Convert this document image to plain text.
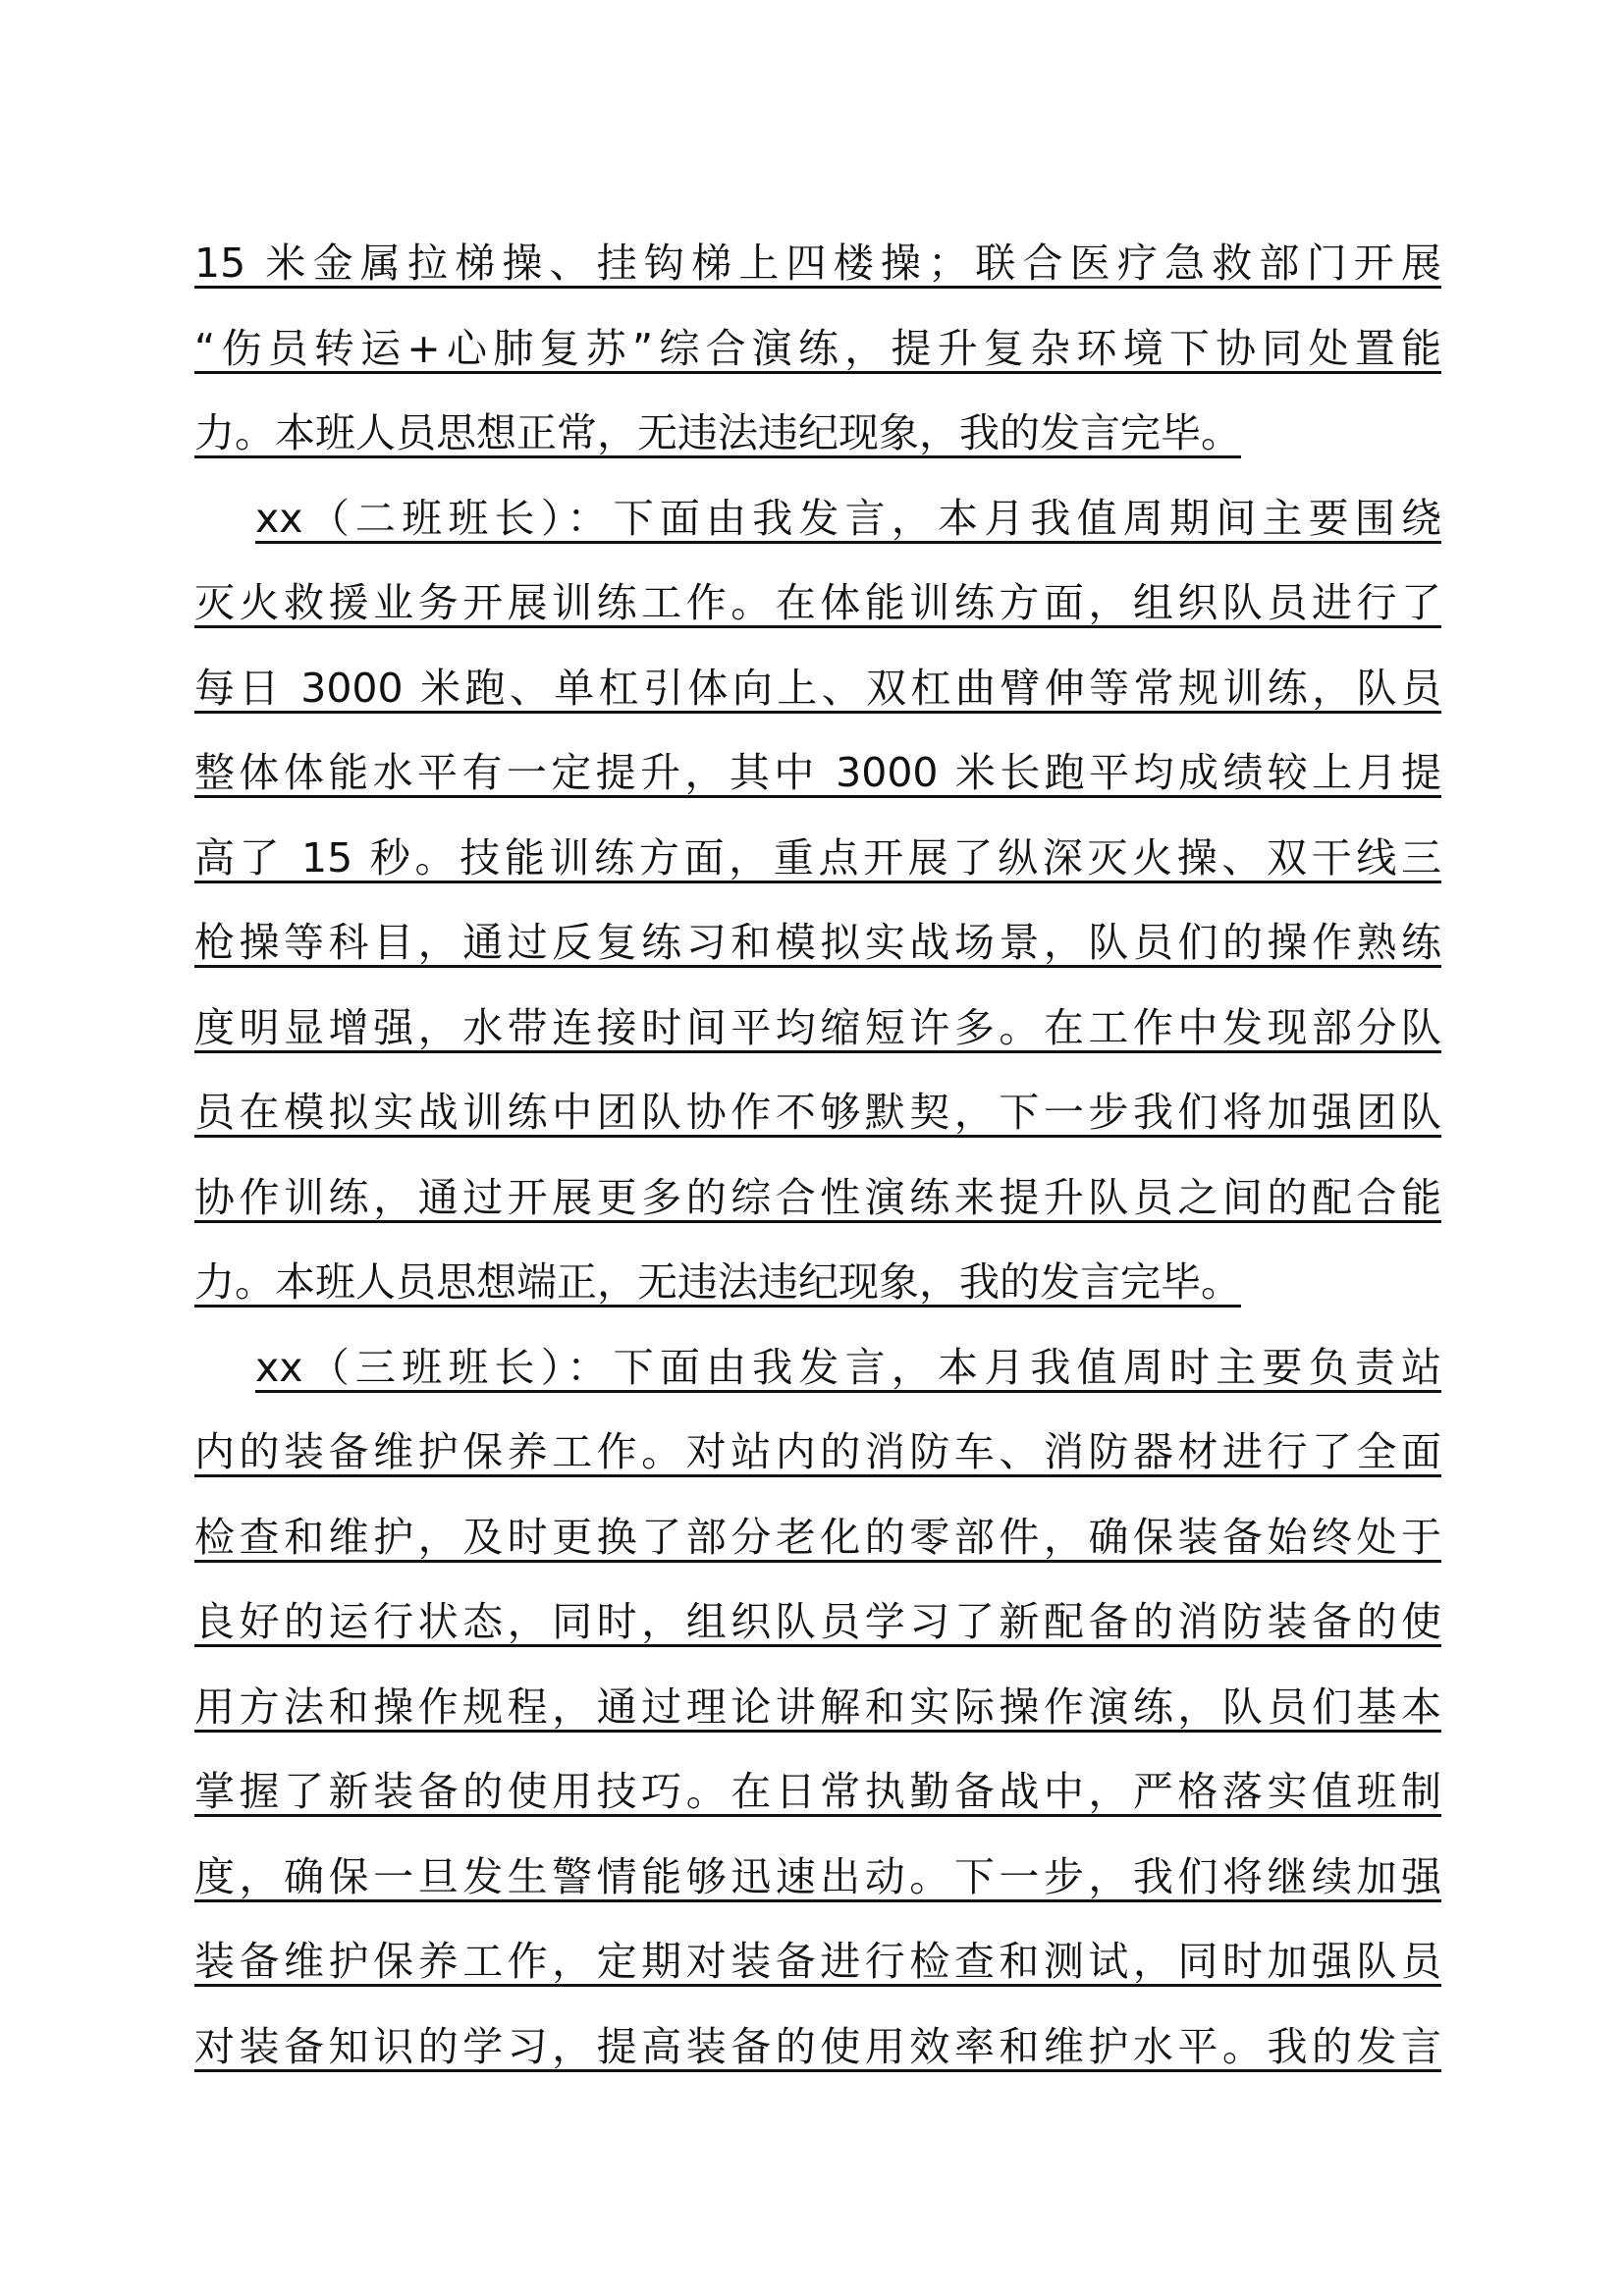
15 米金属拉梯操、挂钩梯上四楼操；联合医疗急救部门开展
“伤员转运+心肺复苏”综合演练，提升复杂环境下协同处置能
力。本班人员思想正常，无违法违纪现象，我的发言完毕。
xx（二班班长）：下面由我发言，本月我值周期间主要围绕
灭火救援业务开展训练工作。在体能训练方面，组织队员进行了
每日 3000 米跑、单杠引体向上、双杠曲臂伸等常规训练，队员
整体体能水平有一定提升，其中 3000 米长跑平均成绩较上月提
高了 15 秒。技能训练方面，重点开展了纵深灭火操、双干线三
枪操等科目，通过反复练习和模拟实战场景，队员们的操作熟练
度明显增强，水带连接时间平均缩短许多。在工作中发现部分队
员在模拟实战训练中团队协作不够默契，下一步我们将加强团队
协作训练，通过开展更多的综合性演练来提升队员之间的配合能
力。本班人员思想端正，无违法违纪现象，我的发言完毕。
xx（三班班长）：下面由我发言，本月我值周时主要负责站
内的装备维护保养工作。对站内的消防车、消防器材进行了全面
检查和维护，及时更换了部分老化的零部件，确保装备始终处于
良好的运行状态，同时，组织队员学习了新配备的消防装备的使
用方法和操作规程，通过理论讲解和实际操作演练，队员们基本
掌握了新装备的使用技巧。在日常执勤备战中，严格落实值班制
度，确保一旦发生警情能够迅速出动。下一步，我们将继续加强
装备维护保养工作，定期对装备进行检查和测试，同时加强队员
对装备知识的学习，提高装备的使用效率和维护水平。我的发言
